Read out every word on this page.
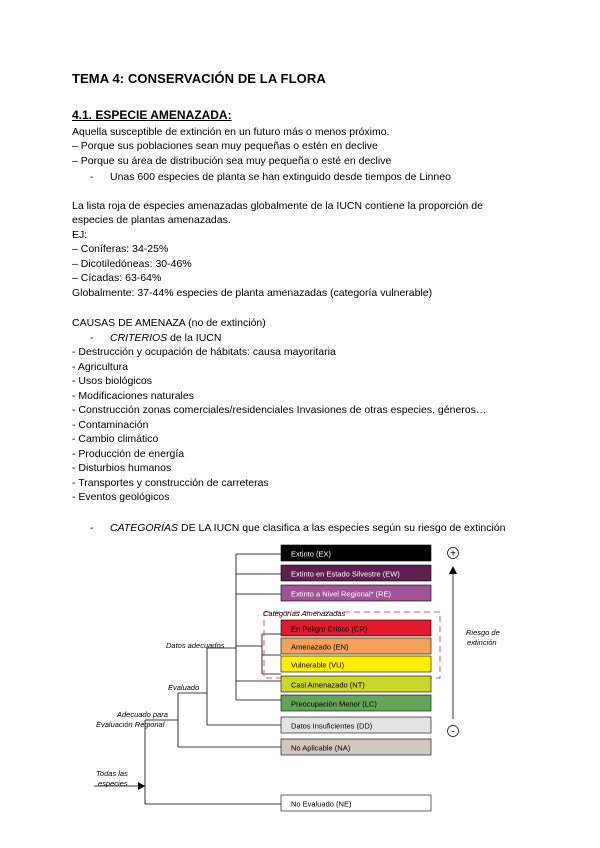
TEMA 4: CONSERVACIÓN DE LA FLORA
4.1. ESPECIE AMENAZADA:
Aquella susceptible de extinción en un futuro más o menos próximo.
– Porque sus poblaciones sean muy pequeñas o estén en declive
– Porque su área de distribución sea muy pequeña o esté en declive
- Unas 600 especies de planta se han extinguido desde tiempos de Linneo
La lista roja de especies amenazadas globalmente de la IUCN contiene la proporción de
especies de plantas amenazadas.
EJ:
– Coníferas: 34-25%
– Dicotiledóneas: 30-46%
– Cícadas: 63-64%
Globalmente: 37-44% especies de planta amenazadas (categoría vulnerable)
CAUSAS DE AMENAZA (no de extinción)
- CRITERIOS de la IUCN
- Destrucción y ocupación de hábitats: causa mayoritaria
- Agricultura
- Usos biológicos
- Modificaciones naturales
- Construcción zonas comerciales/residenciales Invasiones de otras especies, géneros…
- Contaminación
- Cambio climático
- Producción de energía
- Disturbios humanos
- Transportes y construcción de carreteras
- Eventos geológicos
- CATEGORÍAS DE LA IUCN que clasifica a las especies según su riesgo de extinción
Extinto (EX)
Extinto en Estado Silvestre (EW)
Extinto a Nivel Regional* (RE)
En Peligro Crítico (CR)
Amenazado (EN)
Vulnerable (VU)
Casi Amenazado (NT)
Preocupación Menor (LC)
Datos Insuficientes (DD)
No Aplicable (NA)
No Evaluado (NE)
Categorías Amenazadas
Datos adecuados
Evaluado
Adecuado para
Evaluación Regional
Todas las
especies
Riesgo de
extinción
+
-
